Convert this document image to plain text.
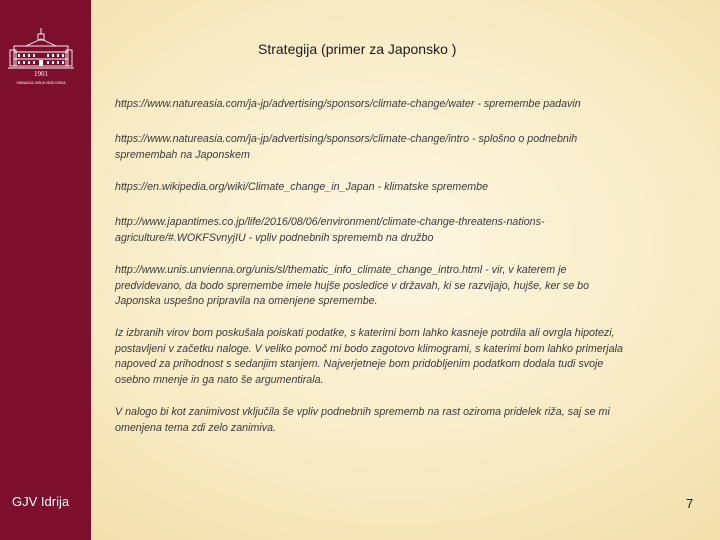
1901
GIMNAZIJA JURIJA VEGE IDRIJA
GJV Idrija
Strategija (primer za Japonsko )
https://www.natureasia.com/ja-jp/advertising/sponsors/climate-change/water - spremembe padavin
https://www.natureasia.com/ja-jp/advertising/sponsors/climate-change/intro - splošno o podnebnih spremembah na Japonskem
https://en.wikipedia.org/wiki/Climate_change_in_Japan - klimatske spremembe
http://www.japantimes.co.jp/life/2016/08/06/environment/climate-change-threatens-nations-agriculture/#.WOKFSvnyjIU - vpliv podnebnih sprememb na družbo
http://www.unis.unvienna.org/unis/sl/thematic_info_climate_change_intro.html - vir, v katerem je predvidevano, da bodo spremembe imele hujše posledice v državah, ki se razvijajo, hujše, ker se bo Japonska uspešno pripravila na omenjene spremembe.
Iz izbranih virov bom poskušala poiskati podatke, s katerimi bom lahko kasneje potrdila ali ovrgla hipotezi, postavljeni v začetku naloge. V veliko pomoč mi bodo zagotovo klimogrami, s katerimi bom lahko primerjala napoved za prihodnost s sedanjim stanjem. Najverjetneje bom pridobljenim podatkom dodala tudi svoje osebno mnenje in ga nato še argumentirala.
V nalogo bi kot zanimivost vključila še vpliv podnebnih sprememb na rast oziroma pridelek riža, saj se mi omenjena tema zdi zelo zanimiva.
7
